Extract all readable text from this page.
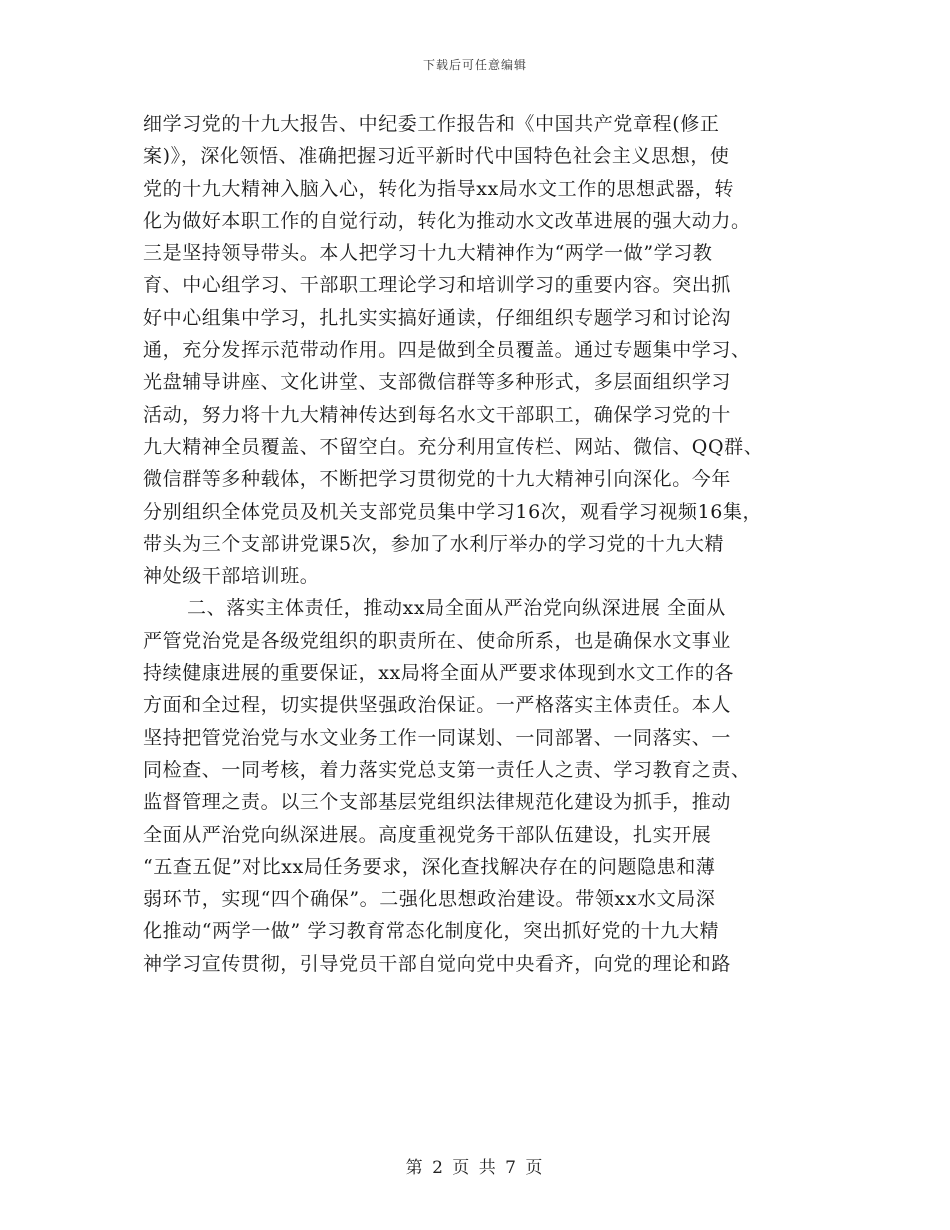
下载后可任意编辑
细学习党的十九大报告、中纪委工作报告和《中国共产党章程(修正
案)》，深化领悟、准确把握习近平新时代中国特色社会主义思想，使
党的十九大精神入脑入心，转化为指导xx局水文工作的思想武器，转
化为做好本职工作的自觉行动，转化为推动水文改革进展的强大动力。
三是坚持领导带头。本人把学习十九大精神作为“两学一做”学习教
育、中心组学习、干部职工理论学习和培训学习的重要内容。突出抓
好中心组集中学习，扎扎实实搞好通读，仔细组织专题学习和讨论沟
通，充分发挥示范带动作用。四是做到全员覆盖。通过专题集中学习、
光盘辅导讲座、文化讲堂、支部微信群等多种形式，多层面组织学习
活动，努力将十九大精神传达到每名水文干部职工，确保学习党的十
九大精神全员覆盖、不留空白。充分利用宣传栏、网站、微信、QQ群、
微信群等多种载体，不断把学习贯彻党的十九大精神引向深化。今年
分别组织全体党员及机关支部党员集中学习16次，观看学习视频16集，
带头为三个支部讲党课5次，参加了水利厅举办的学习党的十九大精
神处级干部培训班。
二、落实主体责任，推动xx局全面从严治党向纵深进展 全面从
严管党治党是各级党组织的职责所在、使命所系，也是确保水文事业
持续健康进展的重要保证，xx局将全面从严要求体现到水文工作的各
方面和全过程，切实提供坚强政治保证。一严格落实主体责任。本人
坚持把管党治党与水文业务工作一同谋划、一同部署、一同落实、一
同检查、一同考核，着力落实党总支第一责任人之责、学习教育之责、
监督管理之责。以三个支部基层党组织法律规范化建设为抓手，推动
全面从严治党向纵深进展。高度重视党务干部队伍建设，扎实开展
“五查五促”对比xx局任务要求，深化查找解决存在的问题隐患和薄
弱环节，实现“四个确保”。二强化思想政治建设。带领xx水文局深
化推动“两学一做” 学习教育常态化制度化，突出抓好党的十九大精
神学习宣传贯彻，引导党员干部自觉向党中央看齐，向党的理论和路
第 2 页 共 7 页
